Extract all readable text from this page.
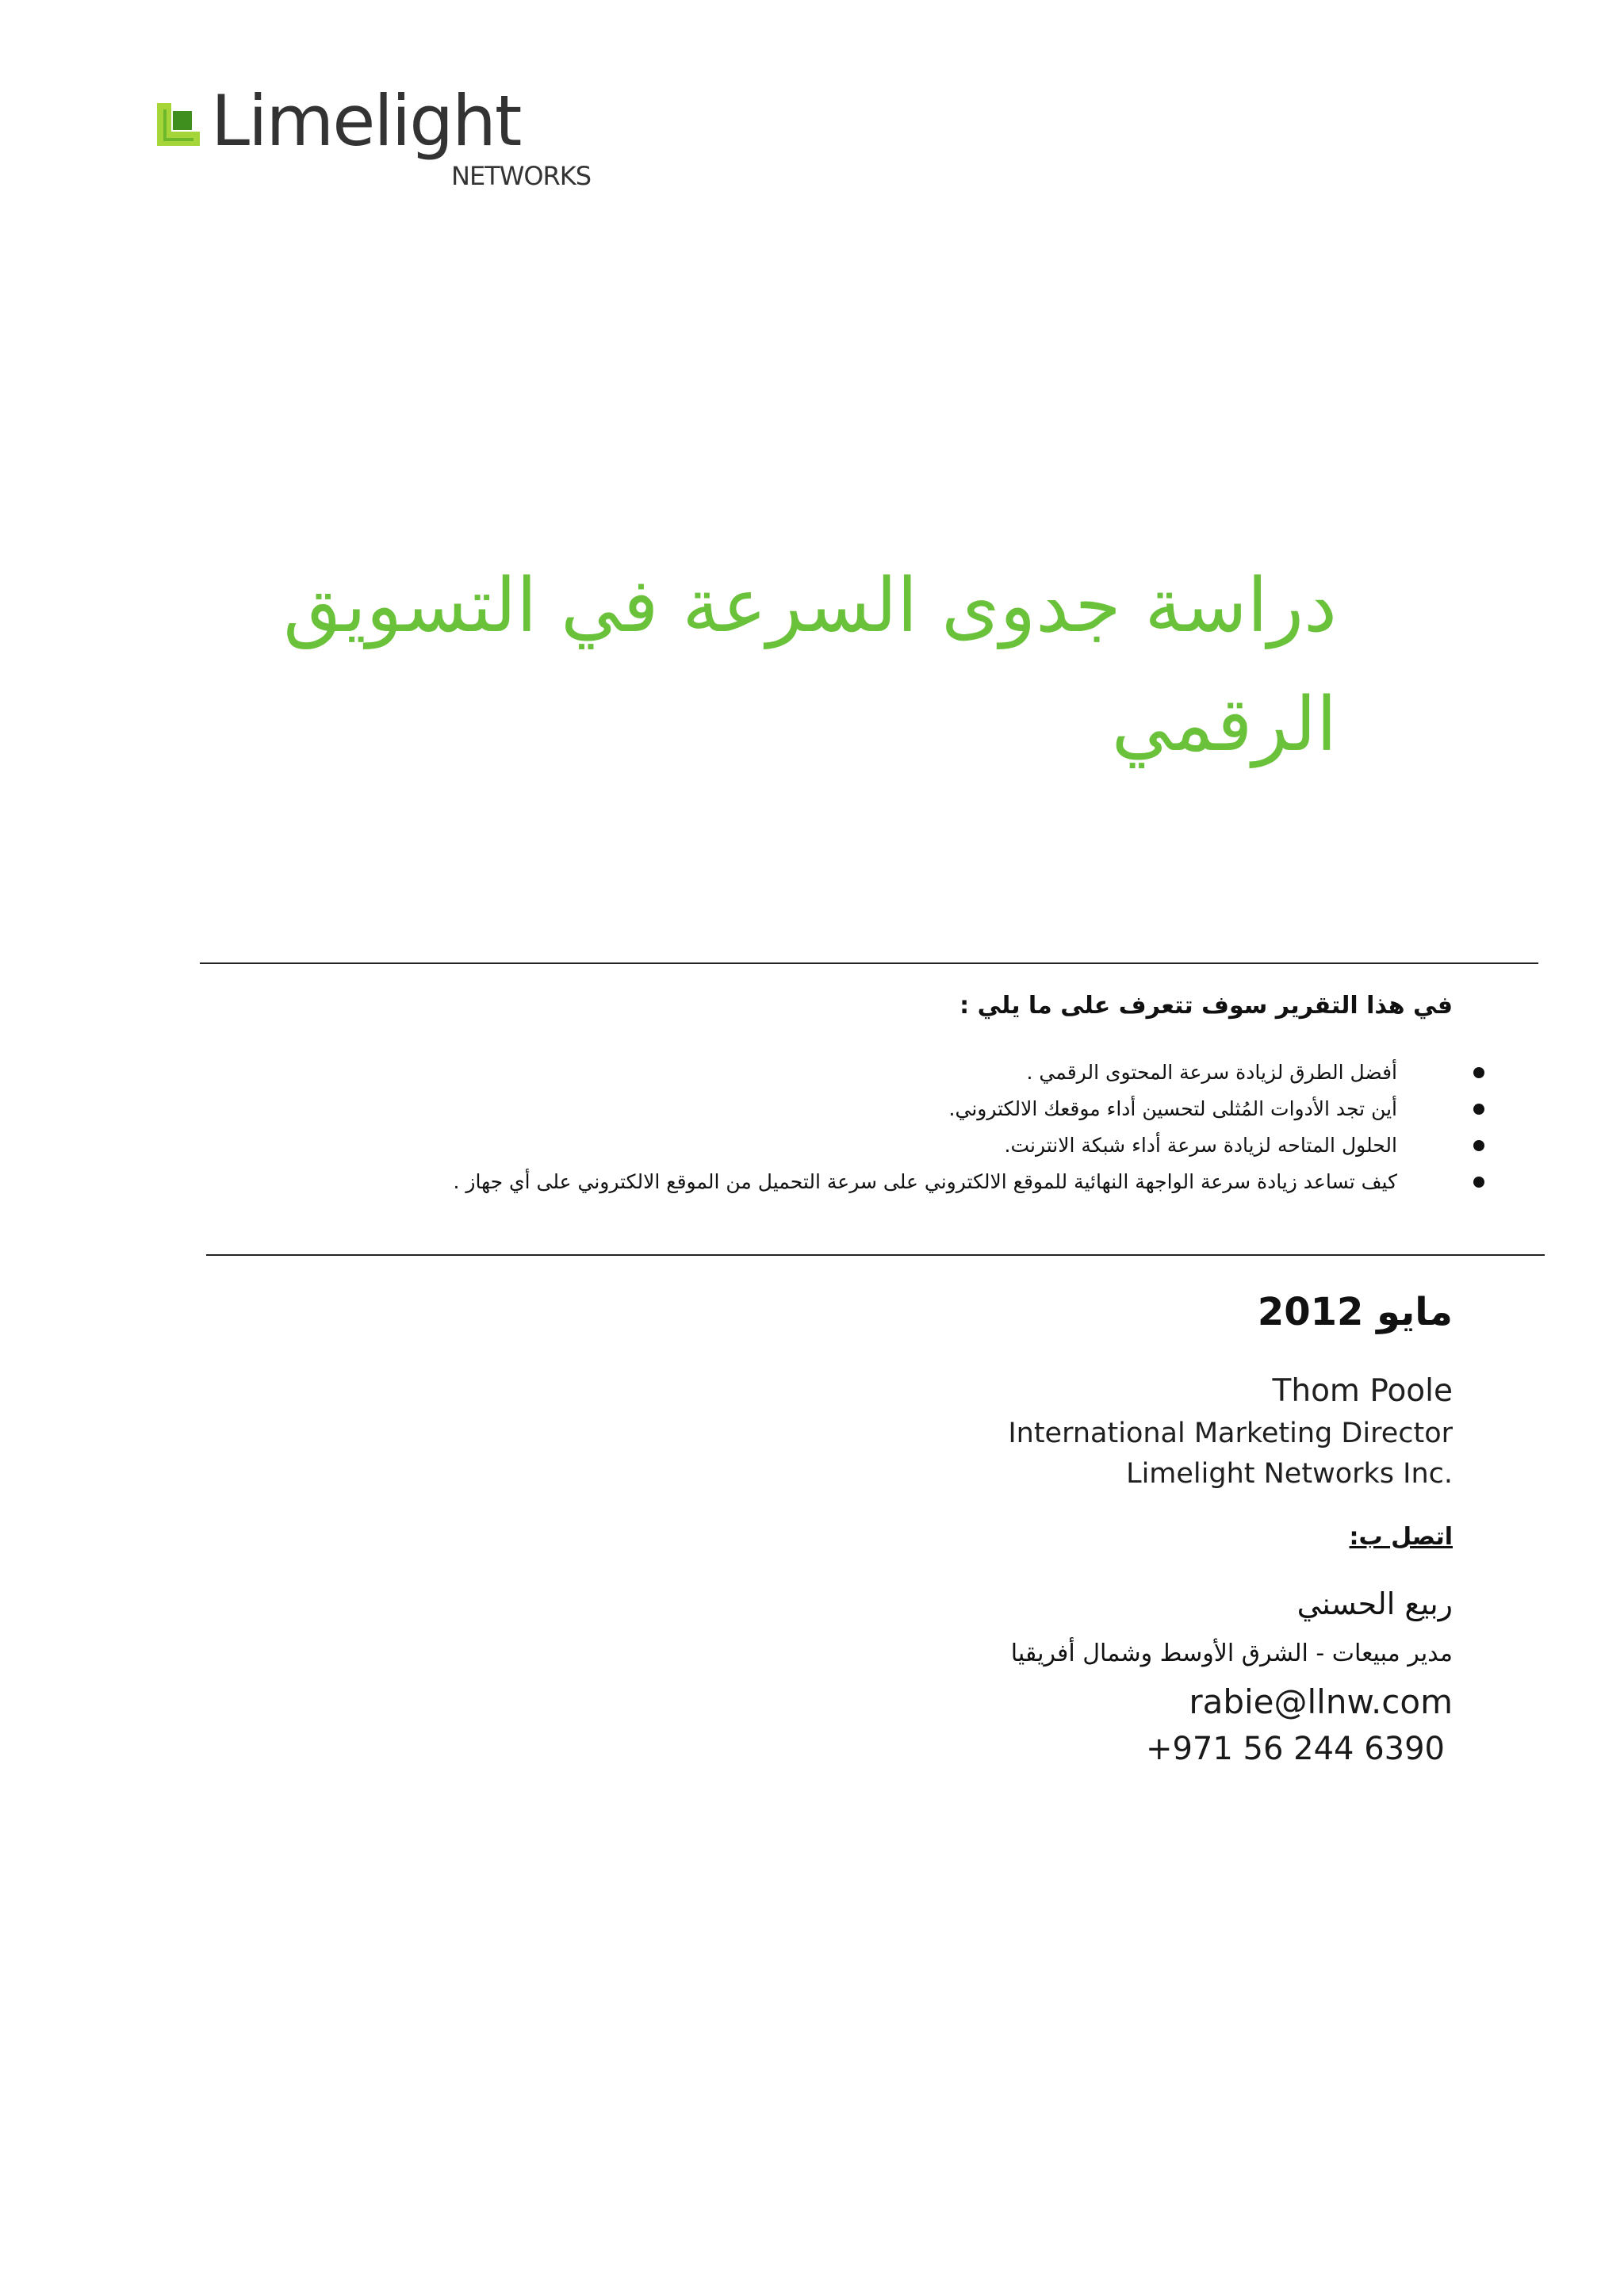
Limelight
NETWORKS
دراسة جدوى السرعة في التسويق الرقمي
في هذا التقرير سوف تتعرف على ما يلي :
أفضل الطرق لزيادة سرعة المحتوى الرقمي .
أين تجد الأدوات المُثلى لتحسين أداء موقعك الالكتروني.
الحلول المتاحه لزيادة سرعة أداء شبكة الانترنت.
كيف تساعد زيادة سرعة الواجهة النهائية للموقع الالكتروني على سرعة التحميل من الموقع الالكتروني على أي جهاز .
مايو 2012
Thom Poole
International Marketing Director
Limelight Networks Inc.
اتصل ب:
ربيع الحسني
مدير مبيعات - الشرق الأوسط وشمال أفريقيا
rabie@llnw.com
+971 56 244 6390
